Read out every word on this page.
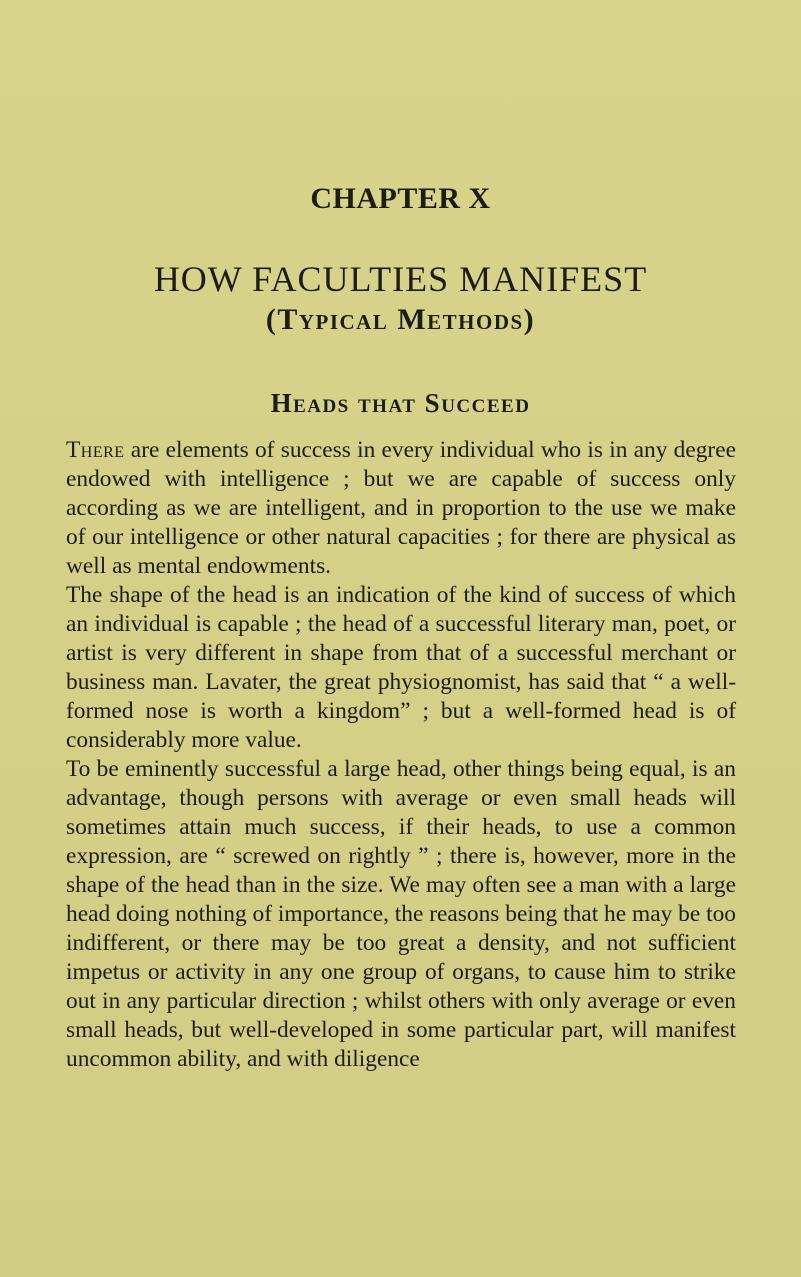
CHAPTER X
HOW FACULTIES MANIFEST
(Typical Methods)
Heads that Succeed

There are elements of success in every individual who is in any degree endowed with intelligence ; but we are capable of success only according as we are intelligent, and in proportion to the use we make of our intelligence or other natural capacities ; for there are physical as well as mental endowments.

The shape of the head is an indication of the kind of success of which an individual is capable ; the head of a successful literary man, poet, or artist is very different in shape from that of a successful merchant or business man. Lavater, the great physiognomist, has said that “ a well-formed nose is worth a kingdom” ; but a well-formed head is of considerably more value.

To be eminently successful a large head, other things being equal, is an advantage, though persons with average or even small heads will sometimes attain much success, if their heads, to use a common expression, are “ screwed on rightly ” ; there is, however, more in the shape of the head than in the size. We may often see a man with a large head doing nothing of importance, the reasons being that he may be too indifferent, or there may be too great a density, and not sufficient impetus or activity in any one group of organs, to cause him to strike out in any particular direction ; whilst others with only average or even small heads, but well-developed in some particular part, will manifest uncommon ability, and with diligence
